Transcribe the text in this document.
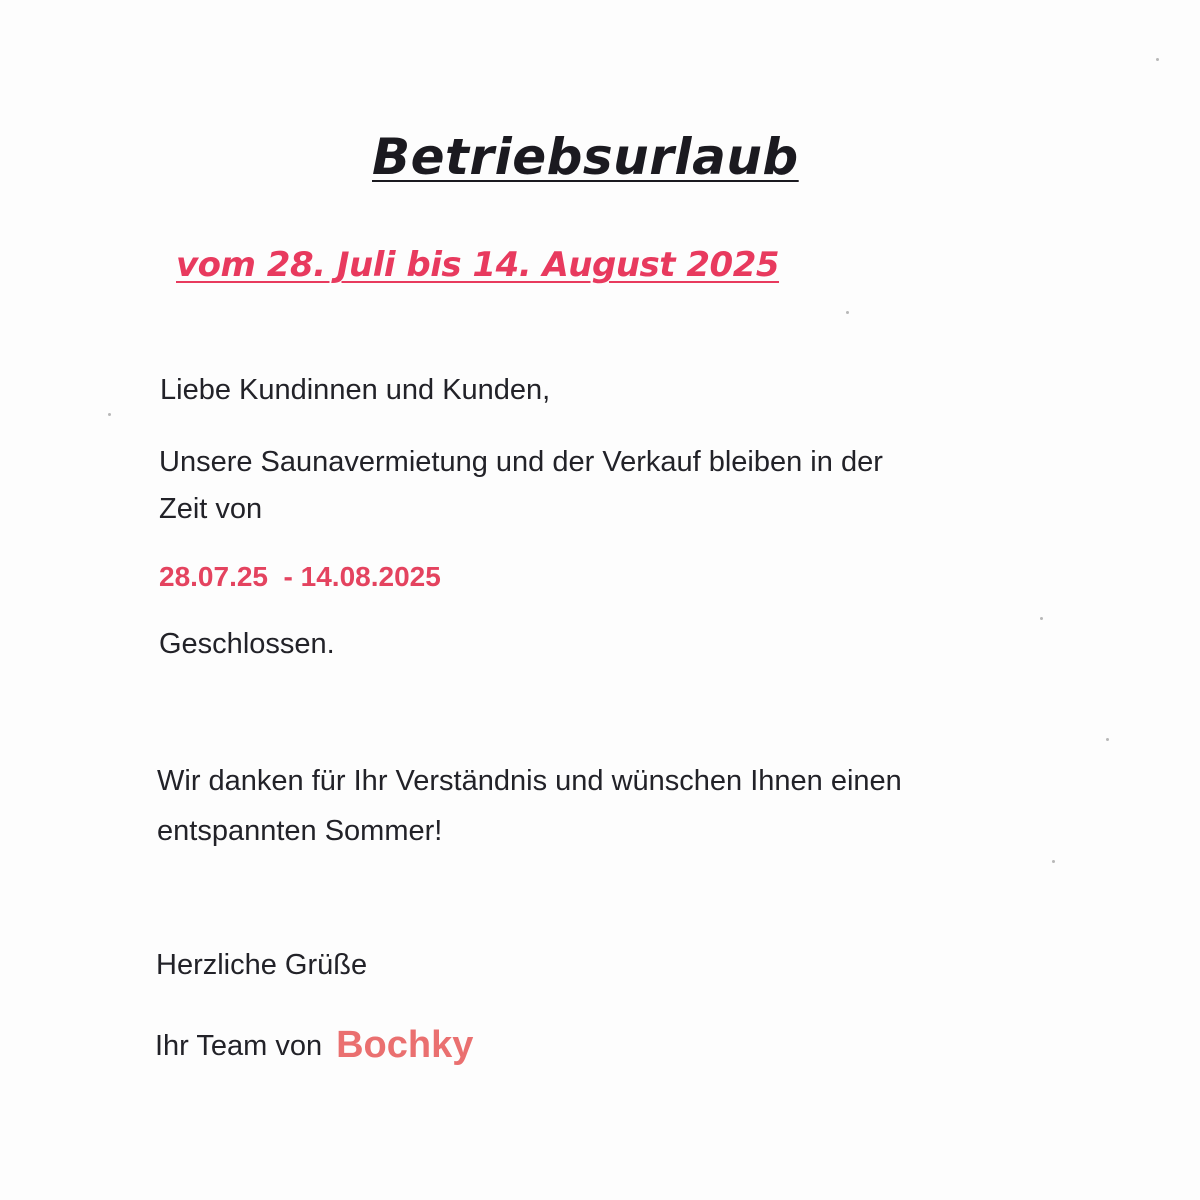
Betriebsurlaub
vom 28. Juli bis 14. August 2025
Liebe Kundinnen und Kunden,
Unsere Saunavermietung und der Verkauf bleiben in der
Zeit von
28.07.25  - 14.08.2025
Geschlossen.
Wir danken für Ihr Verständnis und wünschen Ihnen einen
entspannten Sommer!
Herzliche Grüße
Ihr Team von Bochky
